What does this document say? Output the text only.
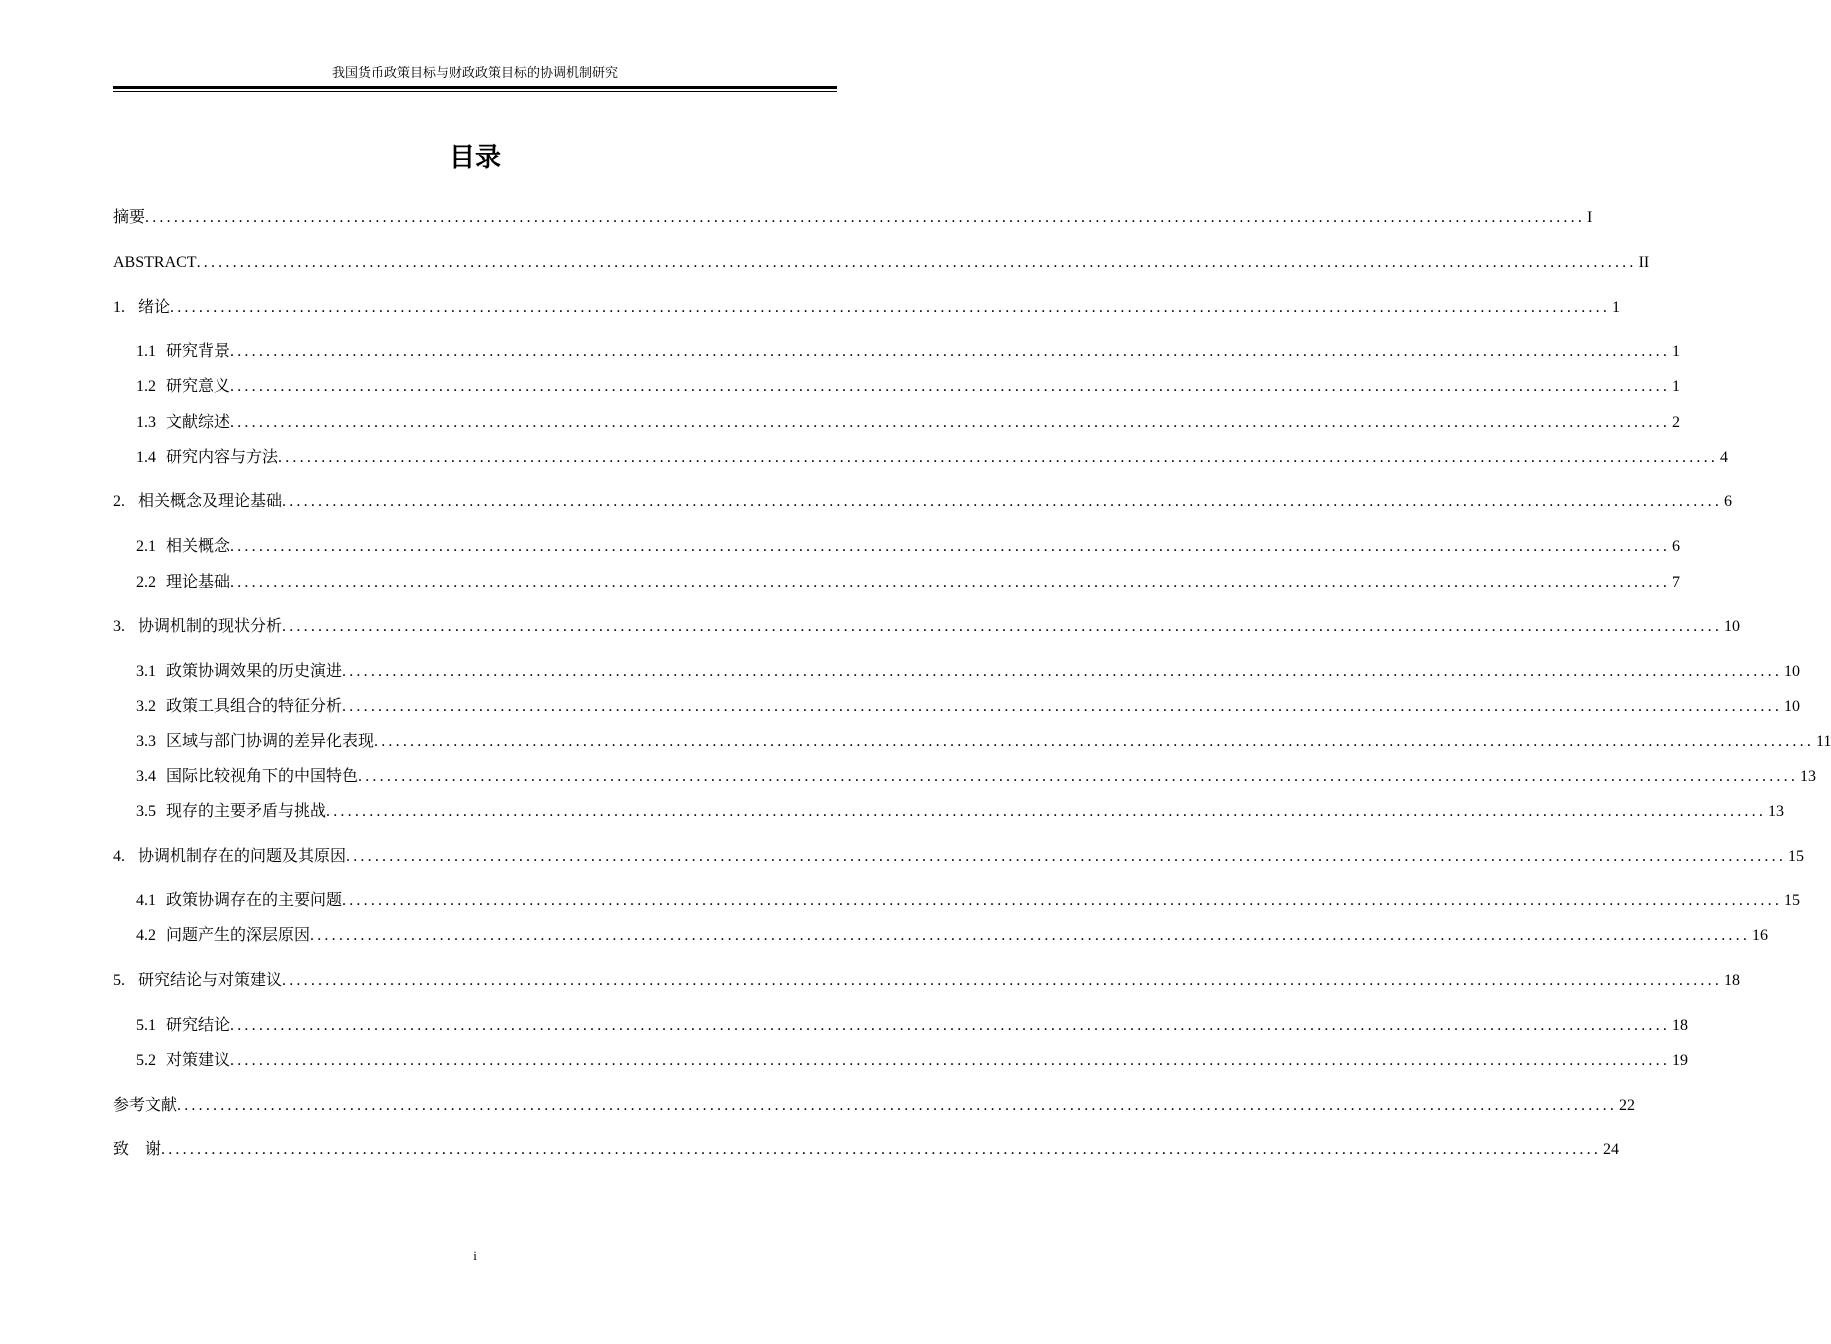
我国货币政策目标与财政政策目标的协调机制研究
目录
摘要 ........................................................................................................................................................................................................ I
ABSTRACT ........................................................................................................................................................................................................ II
1. 绪论 ........................................................................................................................................................................................................ 1
1.1 研究背景 ........................................................................................................................................................................................................ 1
1.2 研究意义 ........................................................................................................................................................................................................ 1
1.3 文献综述 ........................................................................................................................................................................................................ 2
1.4 研究内容与方法 ........................................................................................................................................................................................................ 4
2. 相关概念及理论基础 ........................................................................................................................................................................................................ 6
2.1 相关概念 ........................................................................................................................................................................................................ 6
2.2 理论基础 ........................................................................................................................................................................................................ 7
3. 协调机制的现状分析 ........................................................................................................................................................................................................ 10
3.1 政策协调效果的历史演进 ........................................................................................................................................................................................................ 10
3.2 政策工具组合的特征分析 ........................................................................................................................................................................................................ 10
3.3 区域与部门协调的差异化表现 ........................................................................................................................................................................................................ 11
3.4 国际比较视角下的中国特色 ........................................................................................................................................................................................................ 13
3.5 现存的主要矛盾与挑战 ........................................................................................................................................................................................................ 13
4. 协调机制存在的问题及其原因 ........................................................................................................................................................................................................ 15
4.1 政策协调存在的主要问题 ........................................................................................................................................................................................................ 15
4.2 问题产生的深层原因 ........................................................................................................................................................................................................ 16
5. 研究结论与对策建议 ........................................................................................................................................................................................................ 18
5.1 研究结论 ........................................................................................................................................................................................................ 18
5.2 对策建议 ........................................................................................................................................................................................................ 19
参考文献 ........................................................................................................................................................................................................ 22
致　谢 ........................................................................................................................................................................................................ 24
i
